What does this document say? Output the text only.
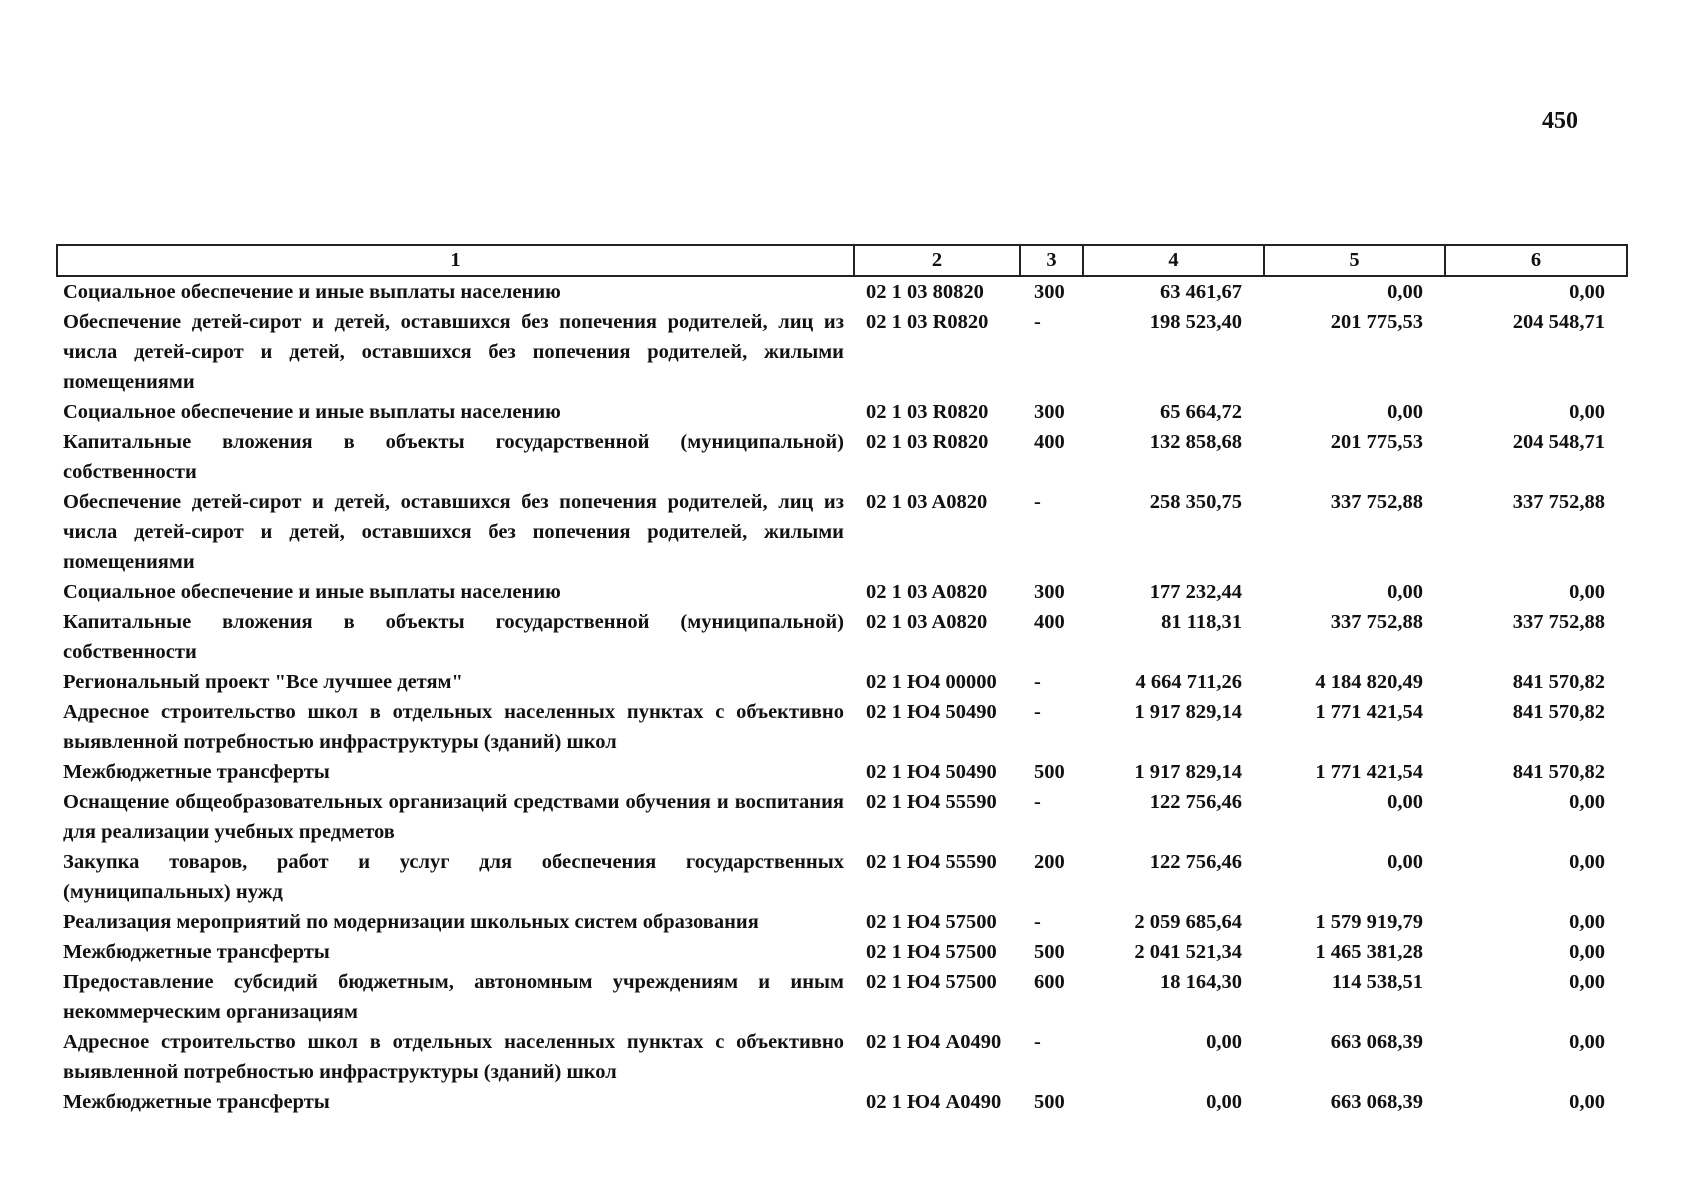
450
1	2	3	4	5	6
Социальное обеспечение и иные выплаты населению	02 1 03 80820	300	63 461,67	0,00	0,00
Обеспечение детей-сирот и детей, оставшихся без попечения родителей, лиц из числа детей-сирот и детей, оставшихся без попечения родителей, жилыми помещениями	02 1 03 R0820	-	198 523,40	201 775,53	204 548,71
Социальное обеспечение и иные выплаты населению	02 1 03 R0820	300	65 664,72	0,00	0,00
Капитальные вложения в объекты государственной (муниципальной) собственности	02 1 03 R0820	400	132 858,68	201 775,53	204 548,71
Обеспечение детей-сирот и детей, оставшихся без попечения родителей, лиц из числа детей-сирот и детей, оставшихся без попечения родителей, жилыми помещениями	02 1 03 A0820	-	258 350,75	337 752,88	337 752,88
Социальное обеспечение и иные выплаты населению	02 1 03 A0820	300	177 232,44	0,00	0,00
Капитальные вложения в объекты государственной (муниципальной) собственности	02 1 03 A0820	400	81 118,31	337 752,88	337 752,88
Региональный проект "Все лучшее детям"	02 1 Ю4 00000	-	4 664 711,26	4 184 820,49	841 570,82
Адресное строительство школ в отдельных населенных пунктах с объективно выявленной потребностью инфраструктуры (зданий) школ	02 1 Ю4 50490	-	1 917 829,14	1 771 421,54	841 570,82
Межбюджетные трансферты	02 1 Ю4 50490	500	1 917 829,14	1 771 421,54	841 570,82
Оснащение общеобразовательных организаций средствами обучения и воспитания для реализации учебных предметов	02 1 Ю4 55590	-	122 756,46	0,00	0,00
Закупка товаров, работ и услуг для обеспечения государственных (муниципальных) нужд	02 1 Ю4 55590	200	122 756,46	0,00	0,00
Реализация мероприятий по модернизации школьных систем образования	02 1 Ю4 57500	-	2 059 685,64	1 579 919,79	0,00
Межбюджетные трансферты	02 1 Ю4 57500	500	2 041 521,34	1 465 381,28	0,00
Предоставление субсидий бюджетным, автономным учреждениям и иным некоммерческим организациям	02 1 Ю4 57500	600	18 164,30	114 538,51	0,00
Адресное строительство школ в отдельных населенных пунктах с объективно выявленной потребностью инфраструктуры (зданий) школ	02 1 Ю4 A0490	-	0,00	663 068,39	0,00
Межбюджетные трансферты	02 1 Ю4 A0490	500	0,00	663 068,39	0,00
